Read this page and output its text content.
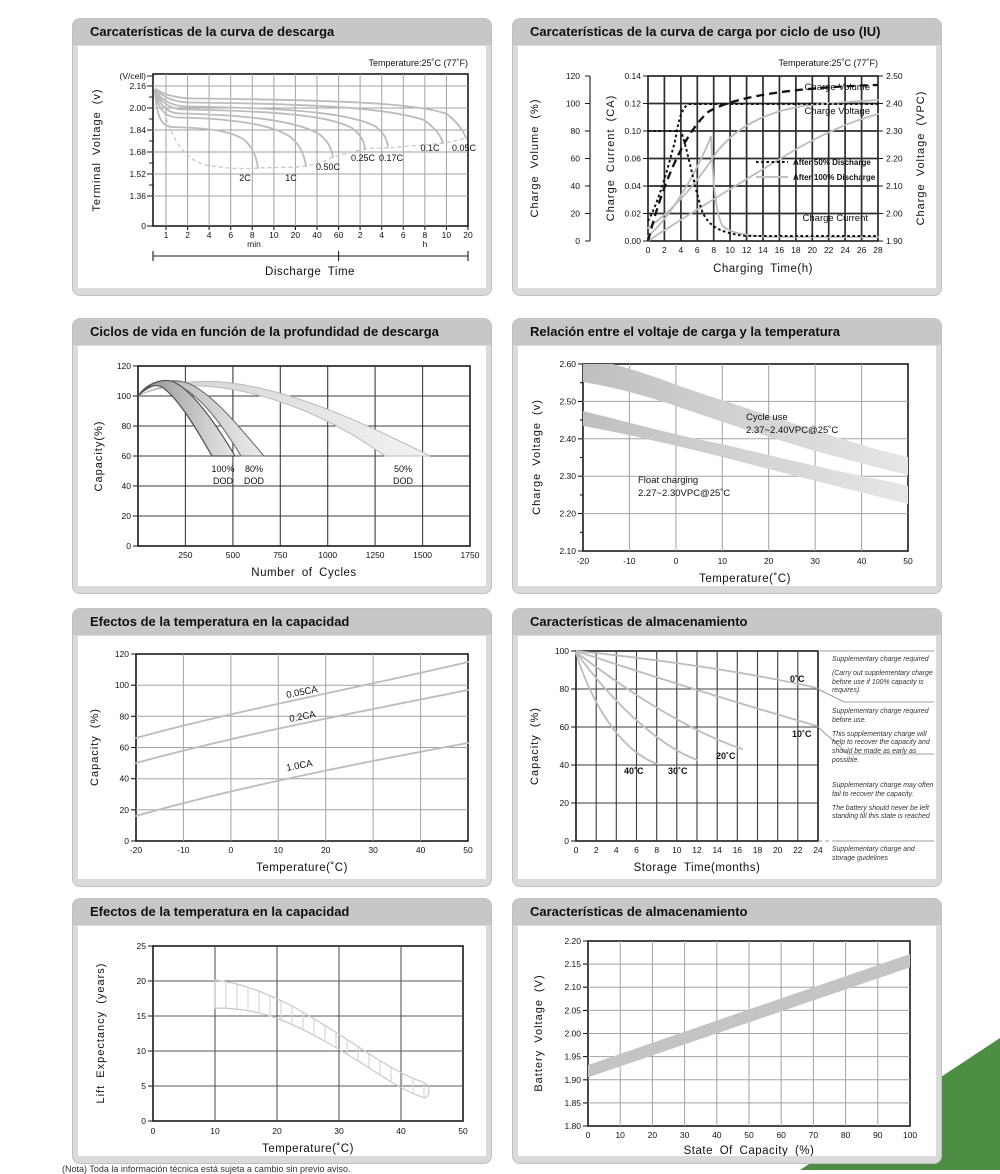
Carcaterísticas de la curva de descarga
Temperature:25˚C (77˚F)
(V/cell)
2.16
2.00
1.84
1.68
1.52
1.36
0
1 2 4 6 8 10 20 40 60 2 4 6 8 10 20
min	h
Discharge Time
Terminal Voltage (v)	2C	1C
0.50C
0.25C 0.17C
0.1C 0.05C
Carcaterísticas de la curva de carga por ciclo de uso (IU)
Temperature:25˚C (77˚F)
120
100
80
60
40
20
0
0.14
0.12
0.10
0.06
0.04
0.02
0.00
2.50
2.40
2.30
2.20
2.10
2.00
1.90
0 2 4 6 8 10 12 14 16 18 20 22 24 26 28
Charging Time(h)
Charge Volume (%)	Charge Current (CA)	Charge Voltage (VPC)
Charge Volume
Charge Voltage
Charge Current
After 50% Discharge
After 100% Discharge
Ciclos de vida en función de la profundidad de descarga
120
100
80
60
40
20
0
250	500	750	1000	1250	1500	1750
Number of Cycles
Capacity(%)	100%
DOD
80%
DOD
50%
DOD
Relación entre el voltaje de carga y la temperatura
2.60
2.50
2.40
2.30
2.20
2.10
-20	-10	0	10	20	30	40	50
Temperature(˚C)
Charge Voltage (v)	Cycle use
2.37~2.40VPC@25˚C
Float charging
2.27~2.30VPC@25˚C
Efectos de la temperatura en la capacidad
120
100
80
60
40
20
0
-20	-10	0	10	20	30	40	50
Temperature(˚C)
Capacity (%)
0.05CA
0.2CA
1.0CA
Características de almacenamiento
100
80
60
40
20
0
0 2 4 6 8 10 12 14 16 18 20 22 24
Storage Time(months)
Capacity (%)
0˚C
10˚C
20˚C
30˚C
40˚C

Supplementary charge required

(Carry out supplementary charge before use if 100% capacity is requires)

Supplementary charge required before use.

This supplementary charge will help to recover the capacity and should be made as early as possible.

Supplementary charge may often fail to recover the capacity.

The battery should never be left standing till this state is reached

Supplementary charge and storage guidelines

Efectos de la temperatura en la capacidad
25
20
15
10
5
0
0	10	20	30	40	50
Temperature(˚C)
Lift Expectancy (years)
Características de almacenamiento
2.20
2.15
2.10
2.05
2.00
1.95
1.90
1.85
1.80
0	10	20	30	40	50	60	70	80	90 100
State Of Capacity (%)
Battery Voltage (V)
(Nota) Toda la información técnica está sujeta a cambio sin previo aviso.
